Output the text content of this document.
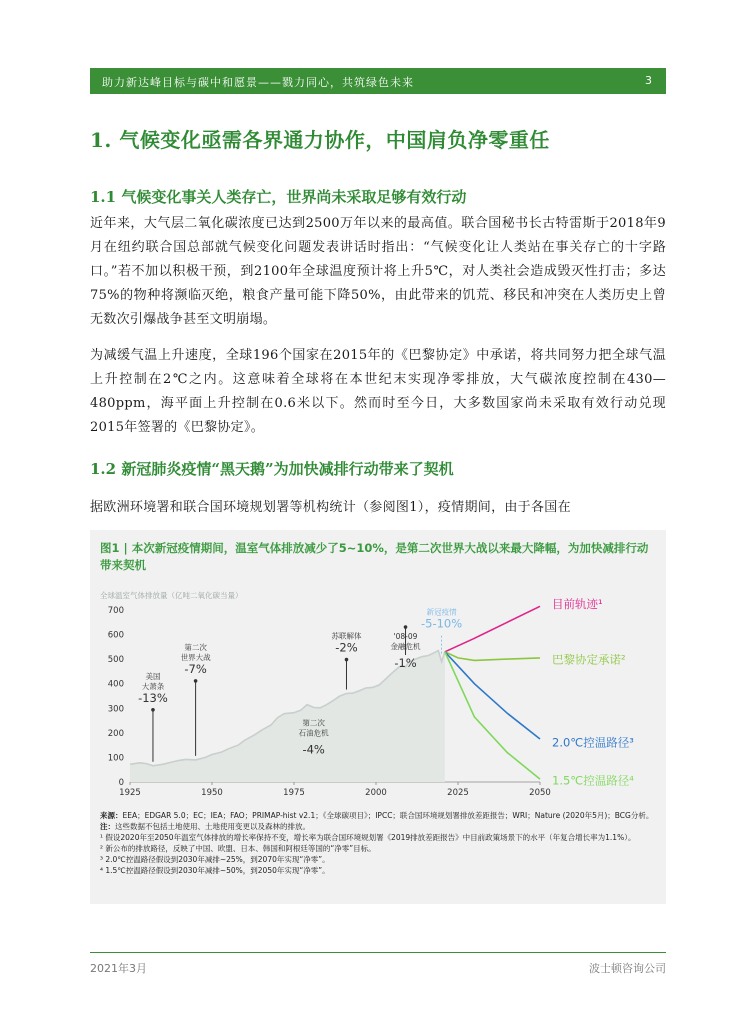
助力新达峰目标与碳中和愿景——戮力同心，共筑绿色未来	3
1. 气候变化亟需各界通力协作，中国肩负净零重任
1.1 气候变化事关人类存亡，世界尚未采取足够有效行动

近年来，大气层二氧化碳浓度已达到2500万年以来的最高值。联合国秘书长古特雷斯于2018年9月在纽约联合国总部就气候变化问题发表讲话时指出：“气候变化让人类站在事关存亡的十字路口。”若不加以积极干预，到2100年全球温度预计将上升5℃，对人类社会造成毁灭性打击；多达75%的物种将濒临灭绝，粮食产量可能下降50%，由此带来的饥荒、移民和冲突在人类历史上曾无数次引爆战争甚至文明崩塌。

为减缓气温上升速度，全球196个国家在2015年的《巴黎协定》中承诺，将共同努力把全球气温上升控制在2℃之内。这意味着全球将在本世纪末实现净零排放，大气碳浓度控制在430—480ppm，海平面上升控制在0.6米以下。然而时至今日，大多数国家尚未采取有效行动兑现2015年签署的《巴黎协定》。

1.2 新冠肺炎疫情“黑天鹅”为加快减排行动带来了契机

据欧洲环境署和联合国环境规划署等机构统计（参阅图1），疫情期间，由于各国在

图1 | 本次新冠疫情期间，温室气体排放减少了5~10%，是第二次世界大战以来最大降幅，为加快减排行动带来契机
全球温室气体排放量（亿吨二氧化碳当量）
0
100
200
300
400
500
600
700
1925	1950	1975	2000	2025	2050
目前轨迹¹
巴黎协定承诺²
2.0℃控温路径³
1.5℃控温路径⁴
-13%
美国
大萧条
-7%
第二次
世界大战
第二次
石油危机
-4%
-2%
苏联解体	'08-09
金融危机
-1%
-5-10%
新冠疫情
来源：EEA；EDGAR 5.0；EC；IEA；FAO；PRIMAP-hist v2.1；《全球碳项目》；IPCC；联合国环境规划署排放差距报告；WRI；Nature (2020年5月)；BCG分析。
注：这些数据不包括土地使用、土地使用变更以及森林的排放。
¹ 假设2020年至2050年温室气体排放的增长率保持不变，增长率为联合国环境规划署《2019排放差距报告》中目前政策场景下的水平（年复合增长率为1.1%）。
² 新公布的排放路径，反映了中国、欧盟、日本、韩国和阿根廷等国的“净零”目标。
³ 2.0℃控温路径假设到2030年减排~25%，到2070年实现“净零”。
⁴ 1.5℃控温路径假设到2030年减排~50%，到2050年实现“净零”。
2021年3月	波士顿咨询公司
